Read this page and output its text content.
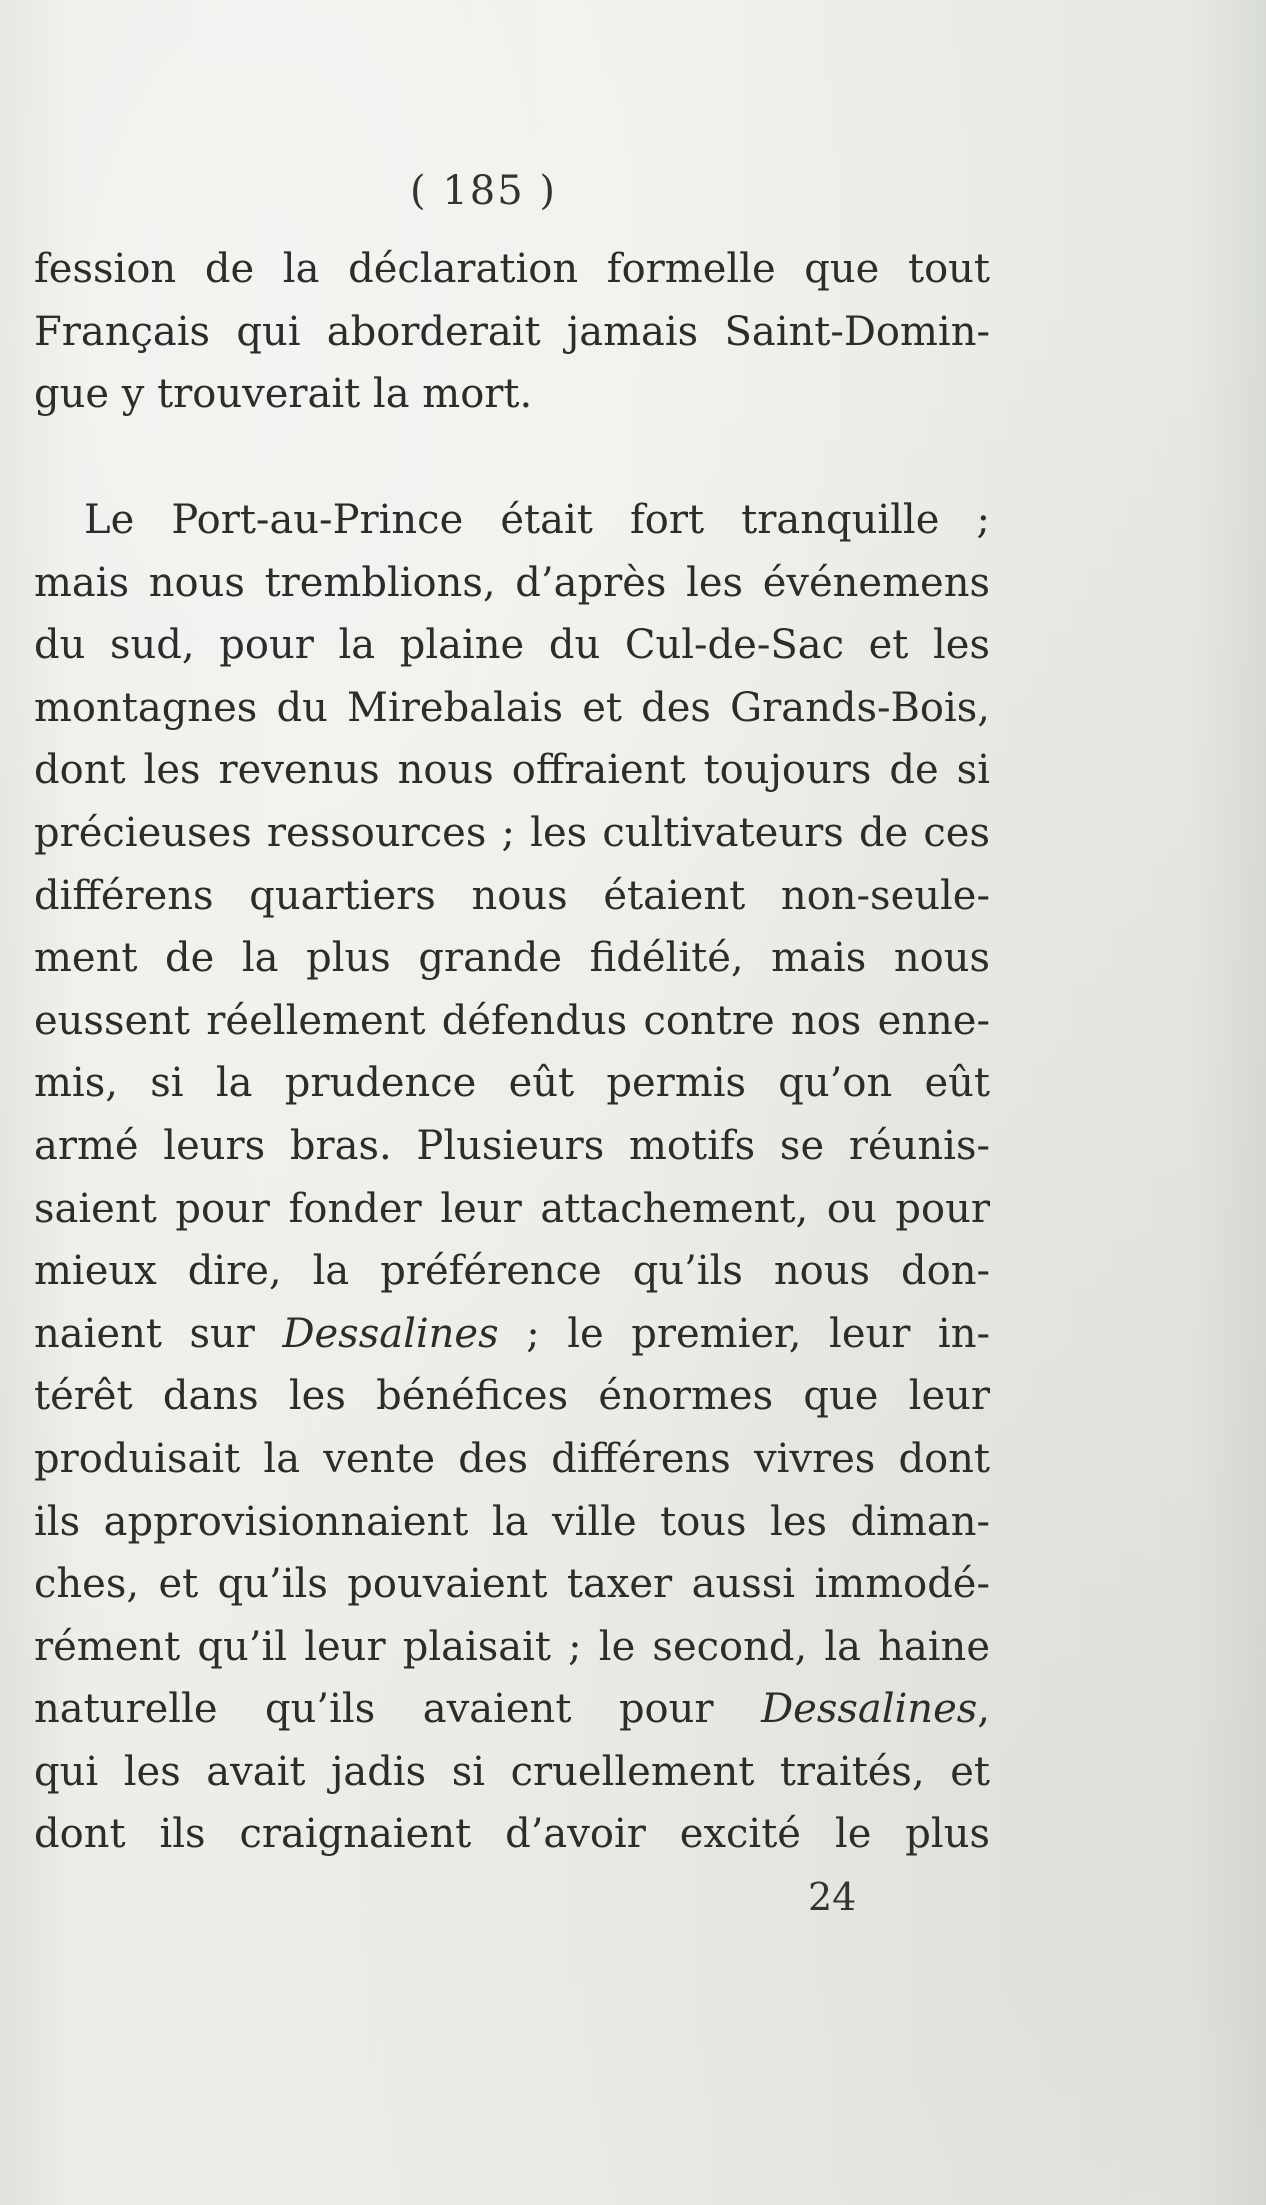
( 185 )
fession de la déclaration formelle que tout
Français qui aborderait jamais Saint-Domin-
gue y trouverait la mort.
Le Port-au-Prince était fort tranquille ;
mais nous tremblions, d’après les événemens
du sud, pour la plaine du Cul-de-Sac et les
montagnes du Mirebalais et des Grands-Bois,
dont les revenus nous offraient toujours de si
précieuses ressources ; les cultivateurs de ces
différens quartiers nous étaient non-seule-
ment de la plus grande fidélité, mais nous
eussent réellement défendus contre nos enne-
mis, si la prudence eût permis qu’on eût
armé leurs bras. Plusieurs motifs se réunis-
saient pour fonder leur attachement, ou pour
mieux dire, la préférence qu’ils nous don-
naient sur Dessalines ; le premier, leur in-
térêt dans les bénéfices énormes que leur
produisait la vente des différens vivres dont
ils approvisionnaient la ville tous les diman-
ches, et qu’ils pouvaient taxer aussi immodé-
rément qu’il leur plaisait ; le second, la haine
naturelle qu’ils avaient pour Dessalines,
qui les avait jadis si cruellement traités, et
dont ils craignaient d’avoir excité le plus
24
